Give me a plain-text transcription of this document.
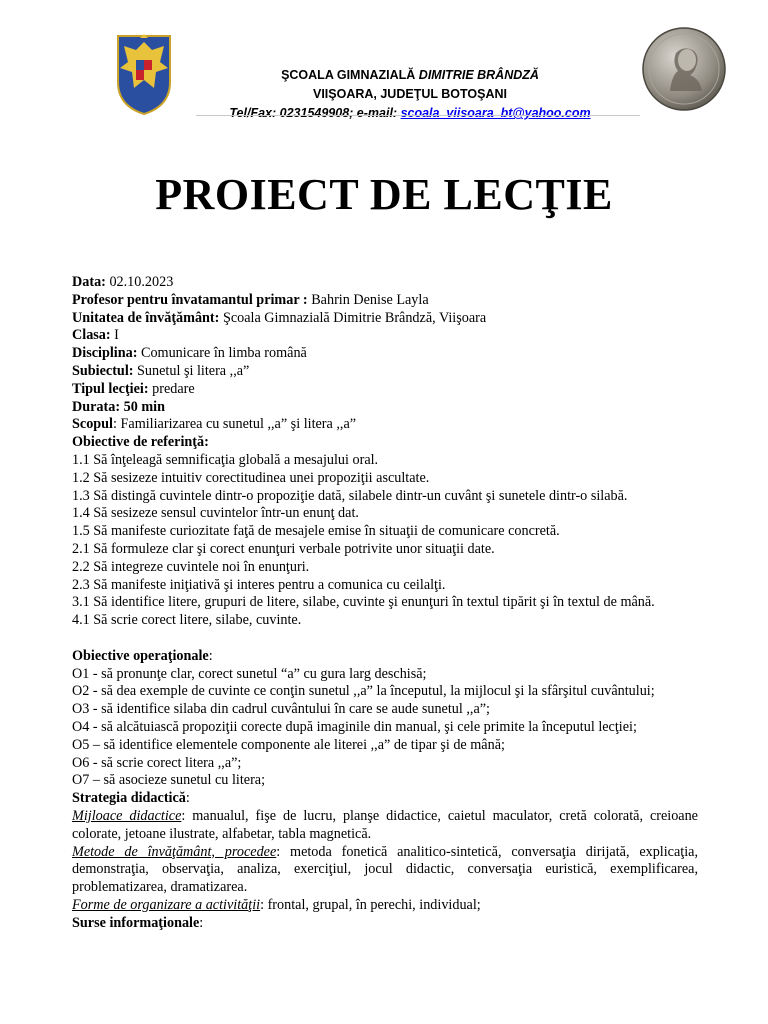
ŞCOALA GIMNAZIALĂ DIMITRIE BRÂNDZĂ
VIIŞOARA, JUDEŢUL BOTOŞANI
Tel/Fax: 0231549908; e-mail: scoala_viisoara_bt@yahoo.com
PROIECT DE LECŢIE
Data: 02.10.2023
Profesor pentru învatamantul primar : Bahrin Denise Layla
Unitatea de învăţământ: Şcoala Gimnazială Dimitrie Brândză, Viişoara
Clasa: I
Disciplina: Comunicare în limba română
Subiectul: Sunetul şi litera ,,a”
Tipul lecţiei: predare
Durata: 50 min
Scopul: Familiarizarea cu sunetul ,,a” şi litera ,,a”
Obiective de referinţă:
1.1 Să înţeleagă semnificaţia globală a mesajului oral.
1.2 Să sesizeze intuitiv corectitudinea unei propoziţii ascultate.
1.3 Să distingă cuvintele dintr-o propoziţie dată, silabele dintr-un cuvânt şi sunetele dintr-o silabă.
1.4 Să sesizeze sensul cuvintelor într-un enunţ dat.
1.5 Să manifeste curiozitate faţă de mesajele emise în situaţii de comunicare concretă.
2.1 Să formuleze clar şi corect enunţuri verbale potrivite unor situaţii date.
2.2 Să integreze cuvintele noi în enunţuri.
2.3 Să manifeste iniţiativă şi interes pentru a comunica cu ceilalţi.
3.1 Să identifice litere, grupuri de litere, silabe, cuvinte şi enunţuri în textul tipărit şi în textul de mână.
4.1 Să scrie corect litere, silabe, cuvinte.
Obiective operaţionale:
O1 - să pronunţe clar, corect sunetul “a” cu gura larg deschisă;
O2 - să dea exemple de cuvinte ce conţin sunetul ,,a” la începutul, la mijlocul şi la sfârşitul cuvântului;
O3 - să identifice silaba din cadrul cuvântului în care se aude sunetul ,,a”;
O4 - să alcătuiască propoziţii corecte după imaginile din manual, şi cele primite la începutul lecţiei;
O5 – să identifice elementele componente ale literei ,,a” de tipar şi de mână;
O6 - să scrie corect litera ,,a”;
O7 – să asocieze sunetul cu litera;
Strategia didactică:
Mijloace didactice: manualul, fişe de lucru, planşe didactice, caietul maculator, cretă colorată, creioane colorate, jetoane ilustrate, alfabetar, tabla magnetică.
Metode de învăţământ, procedee: metoda fonetică analitico-sintetică, conversaţia dirijată, explicaţia, demonstraţia, observaţia, analiza, exerciţiul, jocul didactic, conversaţia euristică, exemplificarea, problematizarea, dramatizarea.
Forme de organizare a activităţii: frontal, grupal, în perechi, individual;
Surse informaţionale:
